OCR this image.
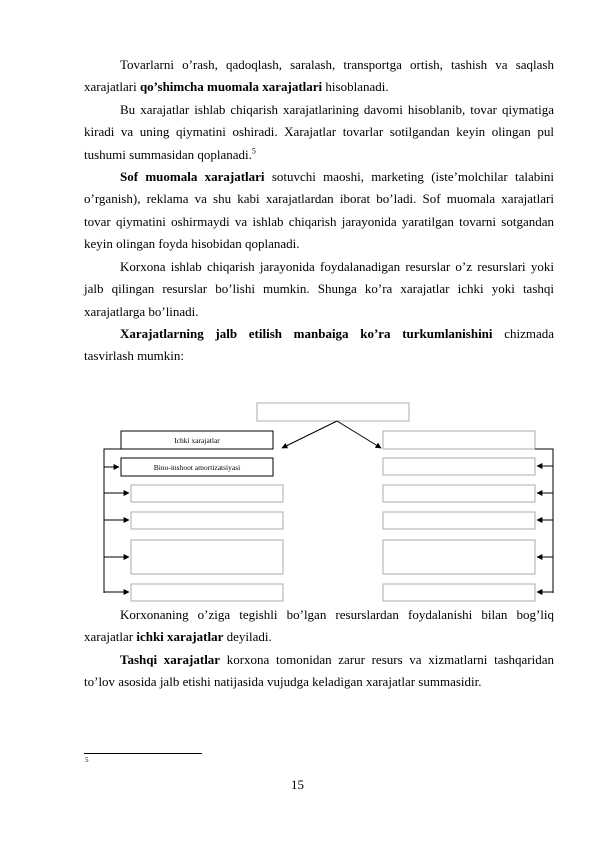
Tovarlarni o’rash, qadoqlash, saralash, transportga ortish, tashish va saqlash xarajatlari qo’shimcha muomala xarajatlari hisoblanadi.

Bu xarajatlar ishlab chiqarish xarajatlarining davomi hisoblanib, tovar qiymatiga kiradi va uning qiymatini oshiradi. Xarajatlar tovarlar sotilgandan keyin olingan pul tushumi summasidan qoplanadi.$^5$

Sof muomala xarajatlari sotuvchi maoshi, marketing (iste’molchilar talabini o’rganish), reklama va shu kabi xarajatlardan iborat bo’ladi. Sof muomala xarajatlari tovar qiymatini oshirmaydi va ishlab chiqarish jarayonida yaratilgan tovarni sotgandan keyin olingan foyda hisobidan qoplanadi.

Korxona ishlab chiqarish jarayonida foydalanadigan resurslar o’z resurslari yoki jalb qilingan resurslar bo’lishi mumkin. Shunga ko’ra xarajatlar ichki yoki tashqi xarajatlarga bo’linadi.

Xarajatlarning jalb etilish manbaiga ko’ra turkumlanishini chizmada tasvirlash mumkin:

Ichki xarajatlar
Bino-inshoot amortizatsiyasi

Korxonaning o’ziga tegishli bo’lgan resurslardan foydalanishi bilan bog’liq xarajatlar ichki xarajatlar deyiladi.

Tashqi xarajatlar korxona tomonidan zarur resurs va xizmatlarni tashqaridan to’lov asosida jalb etishi natijasida vujudga keladigan xarajatlar summasidir.

5
15
